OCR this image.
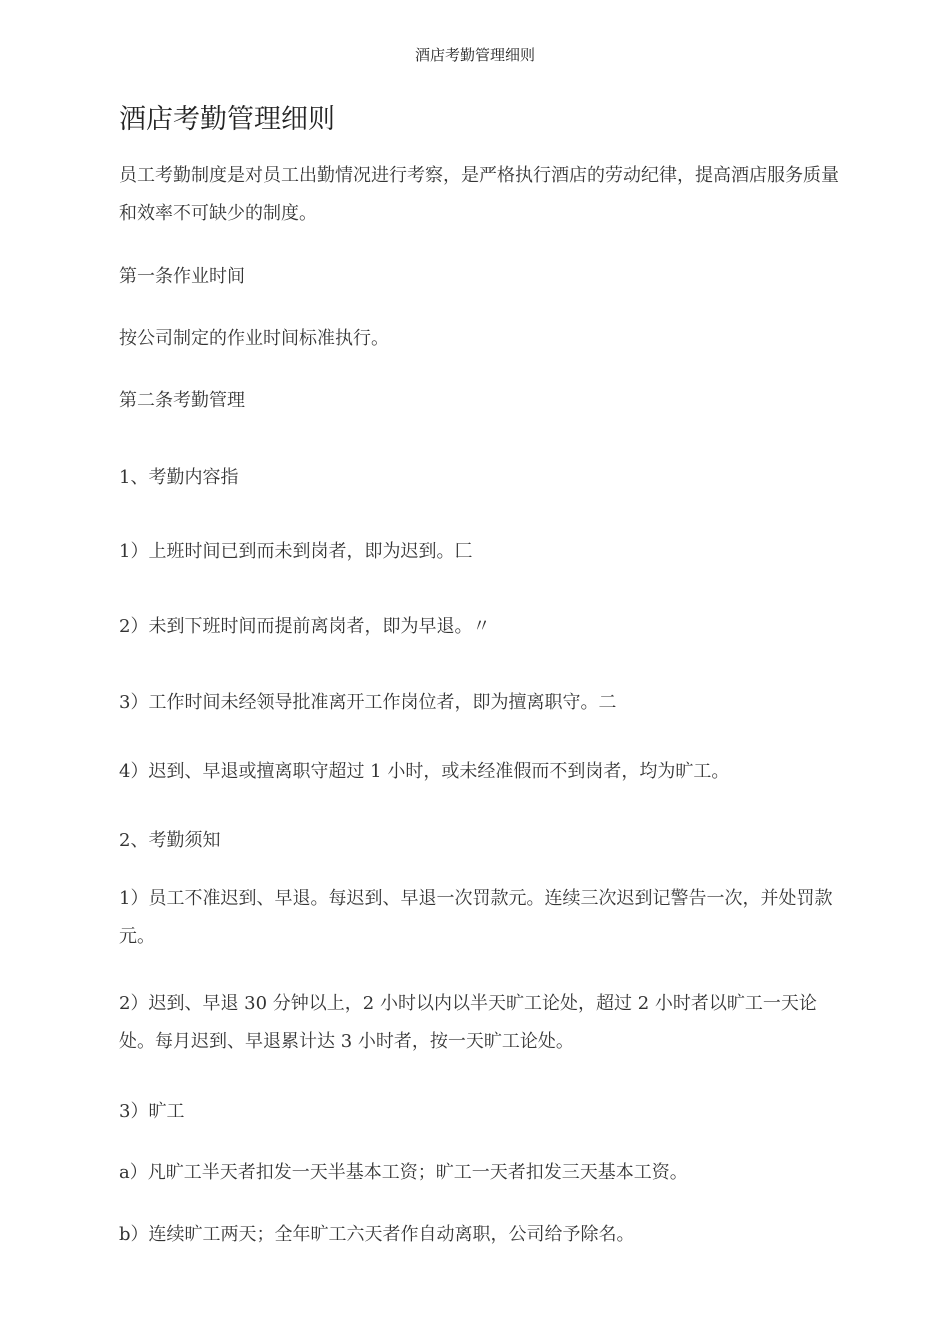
酒店考勤管理细则
酒店考勤管理细则

员工考勤制度是对员工出勤情况进行考察，是严格执行酒店的劳动纪律，提高酒店服务质量和效率不可缺少的制度。

第一条作业时间

按公司制定的作业时间标准执行。

第二条考勤管理

1、考勤内容指

1）上班时间已到而未到岗者，即为迟到。匚

2）未到下班时间而提前离岗者，即为早退。〃

3）工作时间未经领导批准离开工作岗位者，即为擅离职守。二

4）迟到、早退或擅离职守超过 1 小时，或未经准假而不到岗者，均为旷工。

2、考勤须知

1）员工不准迟到、早退。每迟到、早退一次罚款元。连续三次迟到记警告一次，并处罚款元。

2）迟到、早退 30 分钟以上，2 小时以内以半天旷工论处，超过 2 小时者以旷工一天论处。每月迟到、早退累计达 3 小时者，按一天旷工论处。

3）旷工

a）凡旷工半天者扣发一天半基本工资；旷工一天者扣发三天基本工资。

b）连续旷工两天；全年旷工六天者作自动离职，公司给予除名。
